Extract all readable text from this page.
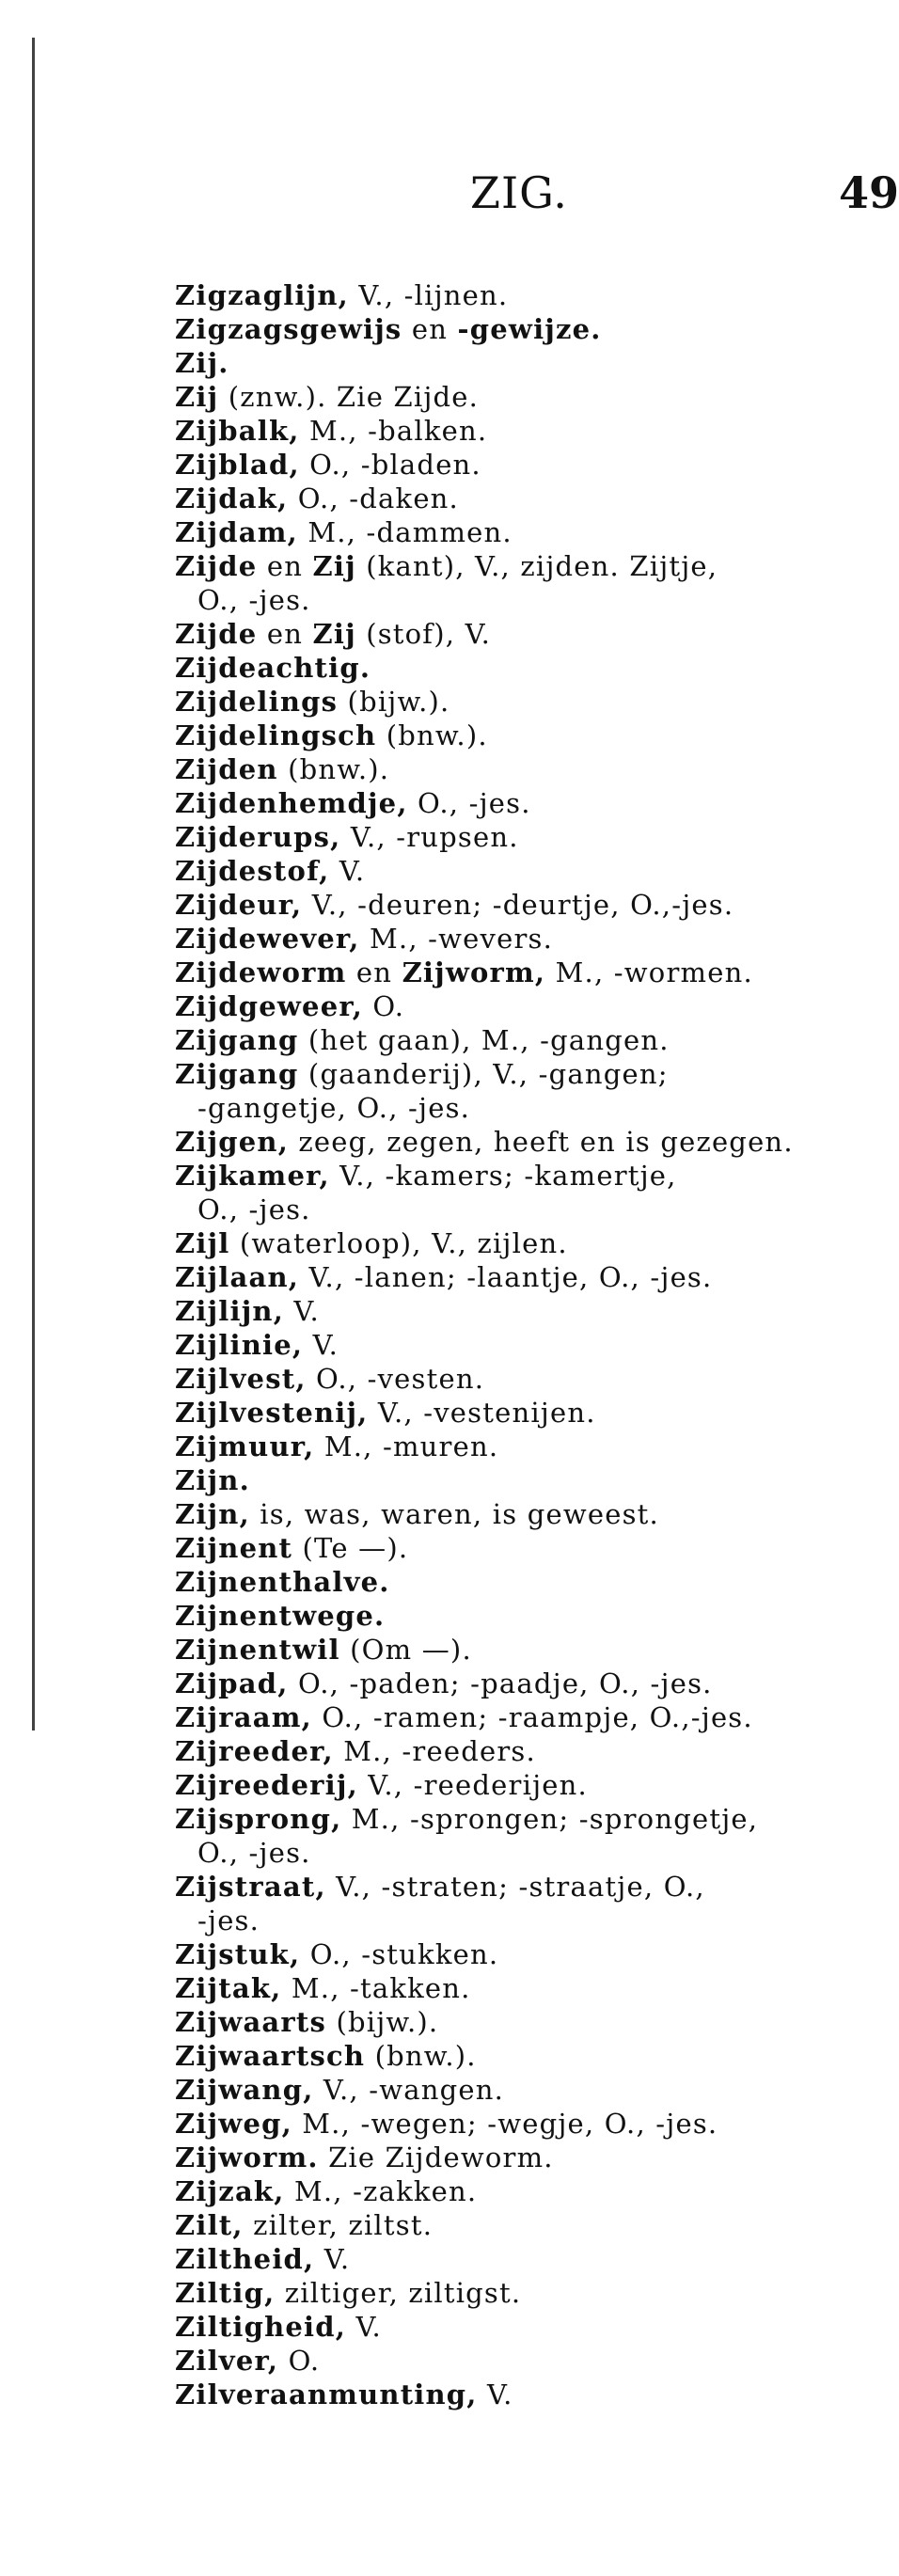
ZIG.	49
Zigzaglijn, V., -lijnen.
Zigzagsgewijs en -gewijze.
Zij.
Zij (znw.). Zie Zijde.
Zijbalk, M., -balken.
Zijblad, O., -bladen.
Zijdak, O., -daken.
Zijdam, M., -dammen.
Zijde en Zij (kant), V., zijden. Zijtje,
O., -jes.
Zijde en Zij (stof), V.
Zijdeachtig.
Zijdelings (bijw.).
Zijdelingsch (bnw.).
Zijden (bnw.).
Zijdenhemdje, O., -jes.
Zijderups, V., -rupsen.
Zijdestof, V.
Zijdeur, V., -deuren; -deurtje, O.,-jes.
Zijdewever, M., -wevers.
Zijdeworm en Zijworm, M., -wormen.
Zijdgeweer, O.
Zijgang (het gaan), M., -gangen.
Zijgang (gaanderij), V., -gangen;
-gangetje, O., -jes.
Zijgen, zeeg, zegen, heeft en is gezegen.
Zijkamer, V., -kamers; -kamertje,
O., -jes.
Zijl (waterloop), V., zijlen.
Zijlaan, V., -lanen; -laantje, O., -jes.
Zijlijn, V.
Zijlinie, V.
Zijlvest, O., -vesten.
Zijlvestenij, V., -vestenijen.
Zijmuur, M., -muren.
Zijn.
Zijn, is, was, waren, is geweest.
Zijnent (Te —).
Zijnenthalve.
Zijnentwege.
Zijnentwil (Om —).
Zijpad, O., -paden; -paadje, O., -jes.
Zijraam, O., -ramen; -raampje, O.,-jes.
Zijreeder, M., -reeders.
Zijreederij, V., -reederijen.
Zijsprong, M., -sprongen; -sprongetje,
O., -jes.
Zijstraat, V., -straten; -straatje, O.,
-jes.
Zijstuk, O., -stukken.
Zijtak, M., -takken.
Zijwaarts (bijw.).
Zijwaartsch (bnw.).
Zijwang, V., -wangen.
Zijweg, M., -wegen; -wegje, O., -jes.
Zijworm. Zie Zijdeworm.
Zijzak, M., -zakken.
Zilt, zilter, ziltst.
Ziltheid, V.
Ziltig, ziltiger, ziltigst.
Ziltigheid, V.
Zilver, O.
Zilveraanmunting, V.
